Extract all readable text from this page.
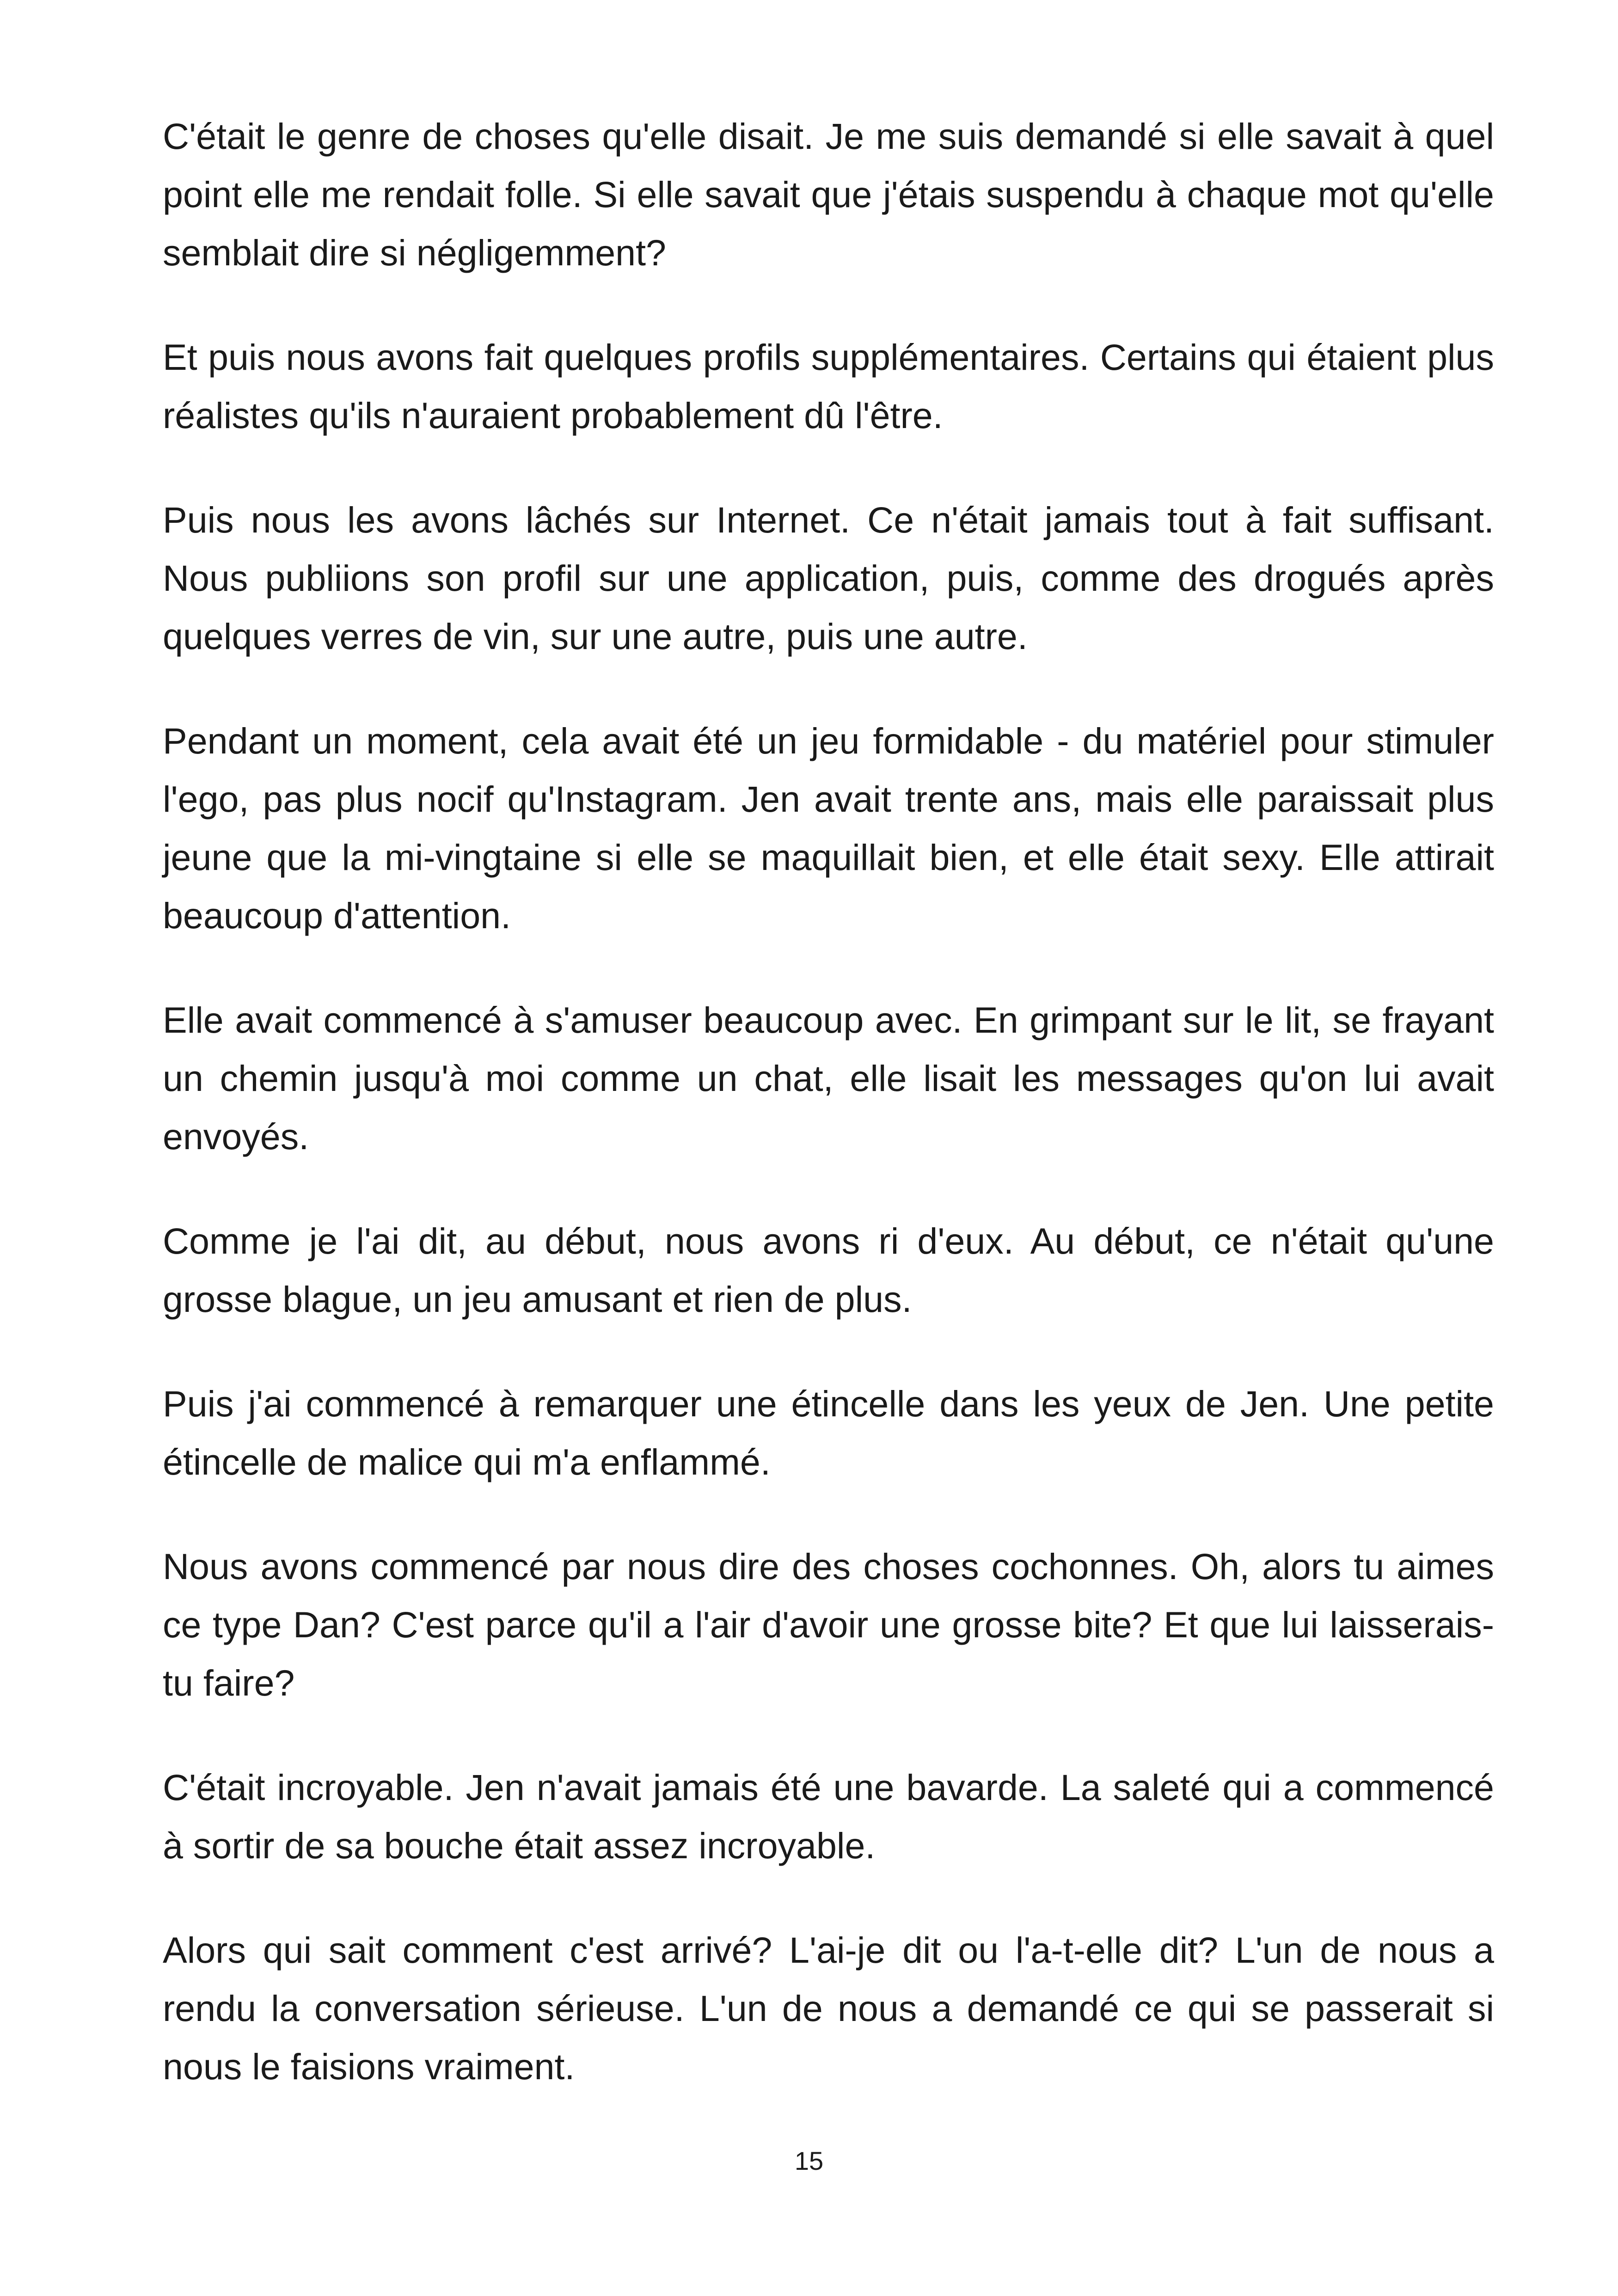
C'était le genre de choses qu'elle disait. Je me suis demandé si elle savait à quel point elle me rendait folle. Si elle savait que j'étais suspendu à chaque mot qu'elle semblait dire si négligemment?

Et puis nous avons fait quelques profils supplémentaires. Certains qui étaient plus réalistes qu'ils n'auraient probablement dû l'être.

Puis nous les avons lâchés sur Internet. Ce n'était jamais tout à fait suffisant. Nous publiions son profil sur une application, puis, comme des drogués après quelques verres de vin, sur une autre, puis une autre.

Pendant un moment, cela avait été un jeu formidable - du matériel pour stimuler l'ego, pas plus nocif qu'Instagram. Jen avait trente ans, mais elle paraissait plus jeune que la mi-vingtaine si elle se maquillait bien, et elle était sexy. Elle attirait beaucoup d'attention.

Elle avait commencé à s'amuser beaucoup avec. En grimpant sur le lit, se frayant un chemin jusqu'à moi comme un chat, elle lisait les messages qu'on lui avait envoyés.

Comme je l'ai dit, au début, nous avons ri d'eux. Au début, ce n'était qu'une grosse blague, un jeu amusant et rien de plus.

Puis j'ai commencé à remarquer une étincelle dans les yeux de Jen. Une petite étincelle de malice qui m'a enflammé.

Nous avons commencé par nous dire des choses cochonnes. Oh, alors tu aimes ce type Dan? C'est parce qu'il a l'air d'avoir une grosse bite? Et que lui laisserais-tu faire?

C'était incroyable. Jen n'avait jamais été une bavarde. La saleté qui a commencé à sortir de sa bouche était assez incroyable.

Alors qui sait comment c'est arrivé? L'ai-je dit ou l'a-t-elle dit? L'un de nous a rendu la conversation sérieuse. L'un de nous a demandé ce qui se passerait si nous le faisions vraiment.

15
